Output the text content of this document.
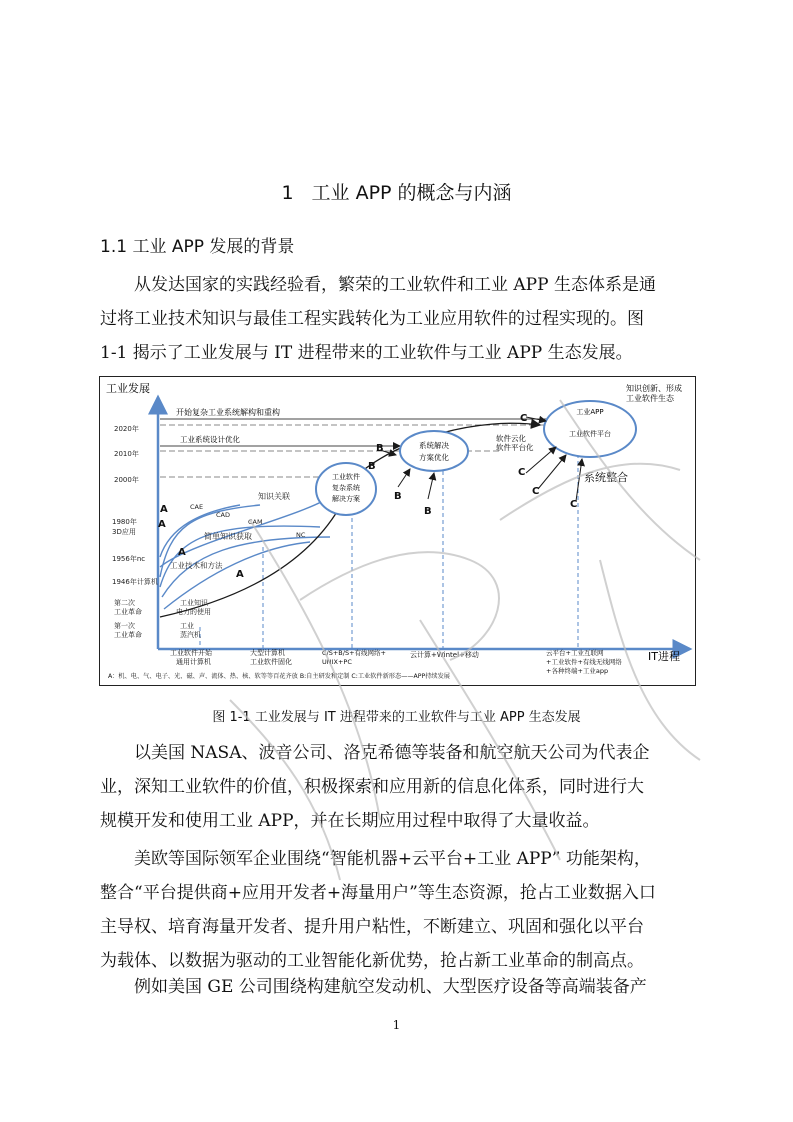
1 工业 APP 的概念与内涵
1.1 工业 APP 发展的背景

从发达国家的实践经验看，繁荣的工业软件和工业 APP 生态体系是通
过将工业技术知识与最佳工程实践转化为工业应用软件的过程实现的。图
1-1 揭示了工业发展与 IT 进程带来的工业软件与工业 APP 生态发展。

工业发展
IT进程
2020年
2010年
2000年
1980年
3D应用
1956年nc
1946年计算机
第二次
工业革命
第一次
工业革命
开始复杂工业系统解构和重构
工业系统设计优化
CAE
CAD
CAM
NC
知识关联
简单知识获取
工业技术和方法
工业知识
电力的使用
工业
蒸汽机
工业软件
复杂系统
解决方案
系统解决
方案优化
工业APP
工业软件平台
软件云化
软件平台化
系统整合
知识创新、形成
工业软件生态
A
A
A
A
B
B
B
B
C
C
C
C
工业软件开始
通用计算机
大型计算机
工业软件固化
C/S+B/S+有线网络+
UNIX+PC
云计算+Wintel+移动	云平台+工业互联网
+工业软件+有线无线网络
+各种终端+工业app
A：机、电、气、电子、光、磁、声、流体、热、核、软等等百花齐放 B:自主研发和定制 C:工业软件新形态——APP持续发展
图 1-1 工业发展与 IT 进程带来的工业软件与工业 APP 生态发展

以美国 NASA、波音公司、洛克希德等装备和航空航天公司为代表企
业，深知工业软件的价值，积极探索和应用新的信息化体系，同时进行大
规模开发和使用工业 APP，并在长期应用过程中取得了大量收益。

美欧等国际领军企业围绕“智能机器+云平台+工业 APP” 功能架构，
整合“平台提供商+应用开发者+海量用户”等生态资源，抢占工业数据入口
主导权、培育海量开发者、提升用户粘性，不断建立、巩固和强化以平台
为载体、以数据为驱动的工业智能化新优势，抢占新工业革命的制高点。

例如美国 GE 公司围绕构建航空发动机、大型医疗设备等高端装备产

1
